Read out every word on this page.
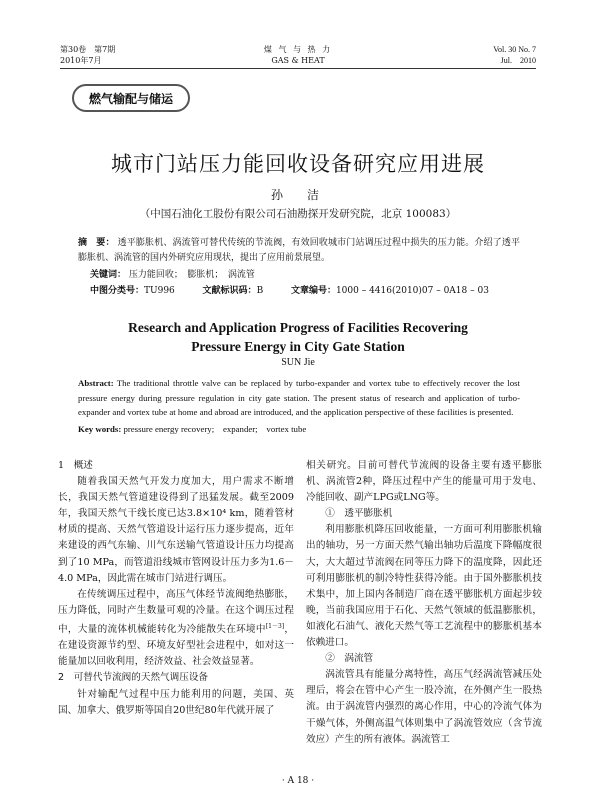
第30卷　第7期
2010年7月
煤 气 与 热 力
GAS & HEAT
Vol. 30 No. 7
Jul.　2010
燃气输配与储运
城市门站压力能回收设备研究应用进展
孙　洁
（中国石油化工股份有限公司石油勘探开发研究院，北京 100083）
摘　要： 透平膨胀机、涡流管可替代传统的节流阀，有效回收城市门站调压过程中损失的压力能。介绍了透平膨胀机、涡流管的国内外研究应用现状，提出了应用前景展望。
关键词： 压力能回收；　膨胀机；　涡流管
中图分类号：TU996	文献标识码：B	文章编号：1000 – 4416(2010)07 – 0A18 – 03
Research and Application Progress of Facilities Recovering
Pressure Energy in City Gate Station
SUN Jie
Abstract: The traditional throttle valve can be replaced by turbo-expander and vortex tube to effectively recover the lost pressure energy during pressure regulation in city gate station. The present status of research and application of turbo-expander and vortex tube at home and abroad are introduced, and the application perspective of these facilities is presented.
Key words: pressure energy recovery;　expander;　vortex tube

1　概述

随着我国天然气开发力度加大，用户需求不断增长，我国天然气管道建设得到了迅猛发展。截至2009年，我国天然气干线长度已达3.8×10⁴ km，随着管材材质的提高、天然气管道设计运行压力逐步提高，近年来建设的西气东输、川气东送输气管道设计压力均提高到了10 MPa，而管道沿线城市管网设计压力多为1.6－4.0 MPa，因此需在城市门站进行调压。

在传统调压过程中，高压气体经节流阀绝热膨胀，压力降低，同时产生数量可观的冷量。在这个调压过程中，大量的流体机械能转化为冷能散失在环境中[1－3]，在建设资源节约型、环境友好型社会进程中，如对这一能量加以回收利用，经济效益、社会效益显著。

2　可替代节流阀的天然气调压设备

针对输配气过程中压力能利用的问题，美国、英国、加拿大、俄罗斯等国自20世纪80年代就开展了

相关研究。目前可替代节流阀的设备主要有透平膨胀机、涡流管2种，降压过程中产生的能量可用于发电、冷能回收、副产LPG或LNG等。

①　透平膨胀机

利用膨胀机降压回收能量，一方面可利用膨胀机输出的轴功，另一方面天然气输出轴功后温度下降幅度很大，大大超过节流阀在同等压力降下的温度降，因此还可利用膨胀机的制冷特性获得冷能。由于国外膨胀机技术集中，加上国内各制造厂商在透平膨胀机方面起步较晚，当前我国应用于石化、天然气领域的低温膨胀机，如液化石油气、液化天然气等工艺流程中的膨胀机基本依赖进口。

②　涡流管

涡流管具有能量分离特性，高压气经涡流管减压处理后，将会在管中心产生一股冷流，在外侧产生一股热流。由于涡流管内强烈的离心作用，中心的冷流气体为干燥气体，外侧高温气体则集中了涡流管效应（含节流效应）产生的所有液体。涡流管工

· A 18 ·
